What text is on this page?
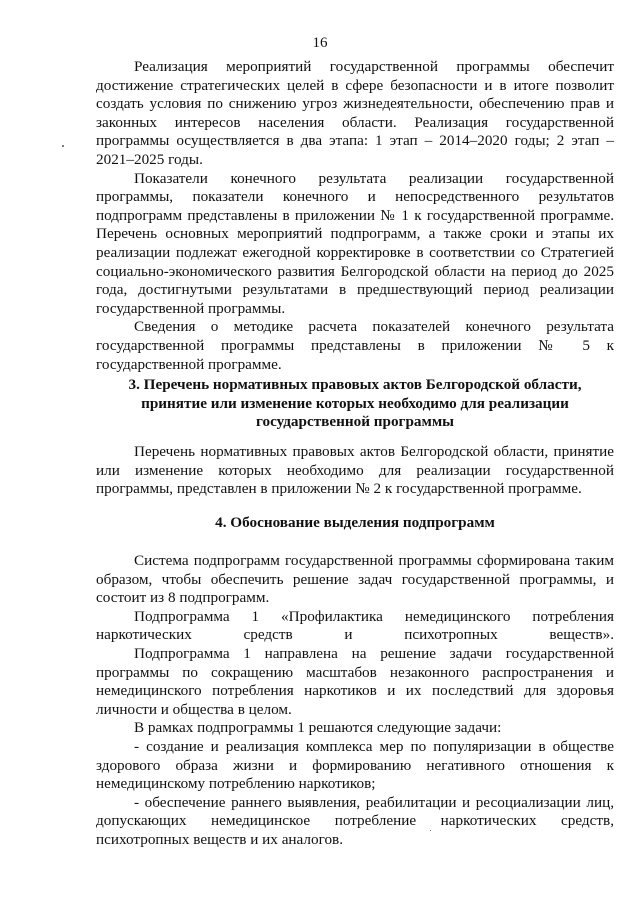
16

Реализация мероприятий государственной программы обеспечит достижение стратегических целей в сфере безопасности и в итоге позволит создать условия по снижению угроз жизнедеятельности, обеспечению прав и законных интересов населения области. Реализация государственной программы осуществляется в два этапа: 1 этап – 2014–2020 годы; 2 этап – 2021–2025 годы.

Показатели конечного результата реализации государственной программы, показатели конечного и непосредственного результатов подпрограмм представлены в приложении № 1 к государственной программе. Перечень основных мероприятий подпрограмм, а также сроки и этапы их реализации подлежат ежегодной корректировке в соответствии со Стратегией социально-экономического развития Белгородской области на период до 2025 года, достигнутыми результатами в предшествующий период реализации государственной программы.

Сведения о методике расчета показателей конечного результата государственной программы представлены в приложении № 5 к государственной программе.

3. Перечень нормативных правовых актов Белгородской области,
принятие или изменение которых необходимо для реализации
государственной программы

Перечень нормативных правовых актов Белгородской области, принятие или изменение которых необходимо для реализации государственной программы, представлен в приложении № 2 к государственной программе.

4. Обоснование выделения подпрограмм

Система подпрограмм государственной программы сформирована таким образом, чтобы обеспечить решение задач государственной программы, и состоит из 8 подпрограмм.

Подпрограмма 1 «Профилактика немедицинского потребления наркотических средств и психотропных веществ».

Подпрограмма 1 направлена на решение задачи государственной программы по сокращению масштабов незаконного распространения и немедицинского потребления наркотиков и их последствий для здоровья личности и общества в целом.

В рамках подпрограммы 1 решаются следующие задачи:

- создание и реализация комплекса мер по популяризации в обществе здорового образа жизни и формированию негативного отношения к немедицинскому потреблению наркотиков;

- обеспечение раннего выявления, реабилитации и ресоциализации лиц, допускающих немедицинское потребление наркотических средств, психотропных веществ и их аналогов.
